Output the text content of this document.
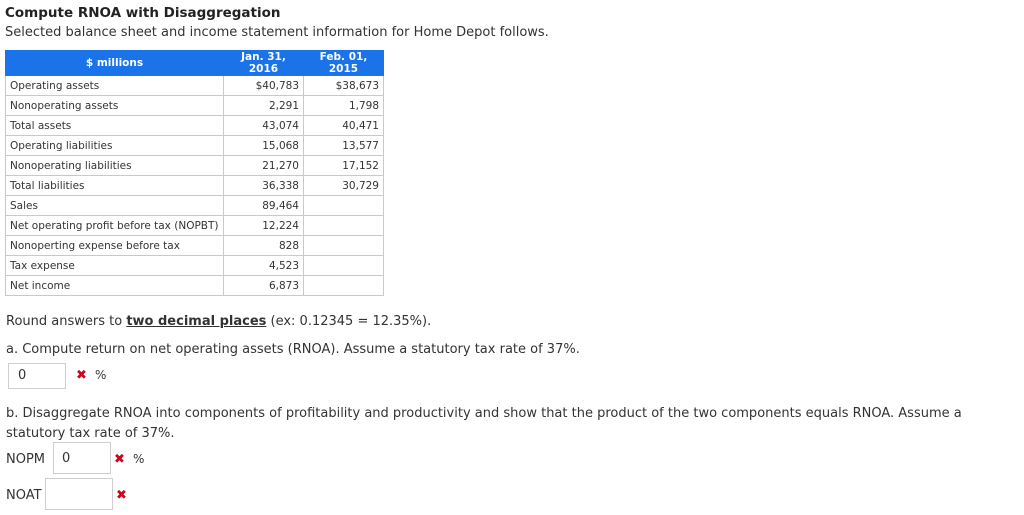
Compute RNOA with Disaggregation
Selected balance sheet and income statement information for Home Depot follows.
$ millions	Jan. 31, 2016	Feb. 01, 2015
Operating assets	$40,783	$38,673
Nonoperating assets	2,291	1,798
Total assets	43,074	40,471
Operating liabilities	15,068	13,577
Nonoperating liabilities	21,270	17,152
Total liabilities	36,338	30,729
Sales	89,464	
Net operating profit before tax (NOPBT)	12,224	
Nonoperting expense before tax	828	
Tax expense	4,523	
Net income	6,873	
Round answers to two decimal places (ex: 0.12345 = 12.35%).
a. Compute return on net operating assets (RNOA). Assume a statutory tax rate of 37%.
0	✖ %
b. Disaggregate RNOA into components of profitability and productivity and show that the product of the two components equals RNOA. Assume a statutory tax rate of 37%.
NOPM	0	✖ %
NOAT	✖
